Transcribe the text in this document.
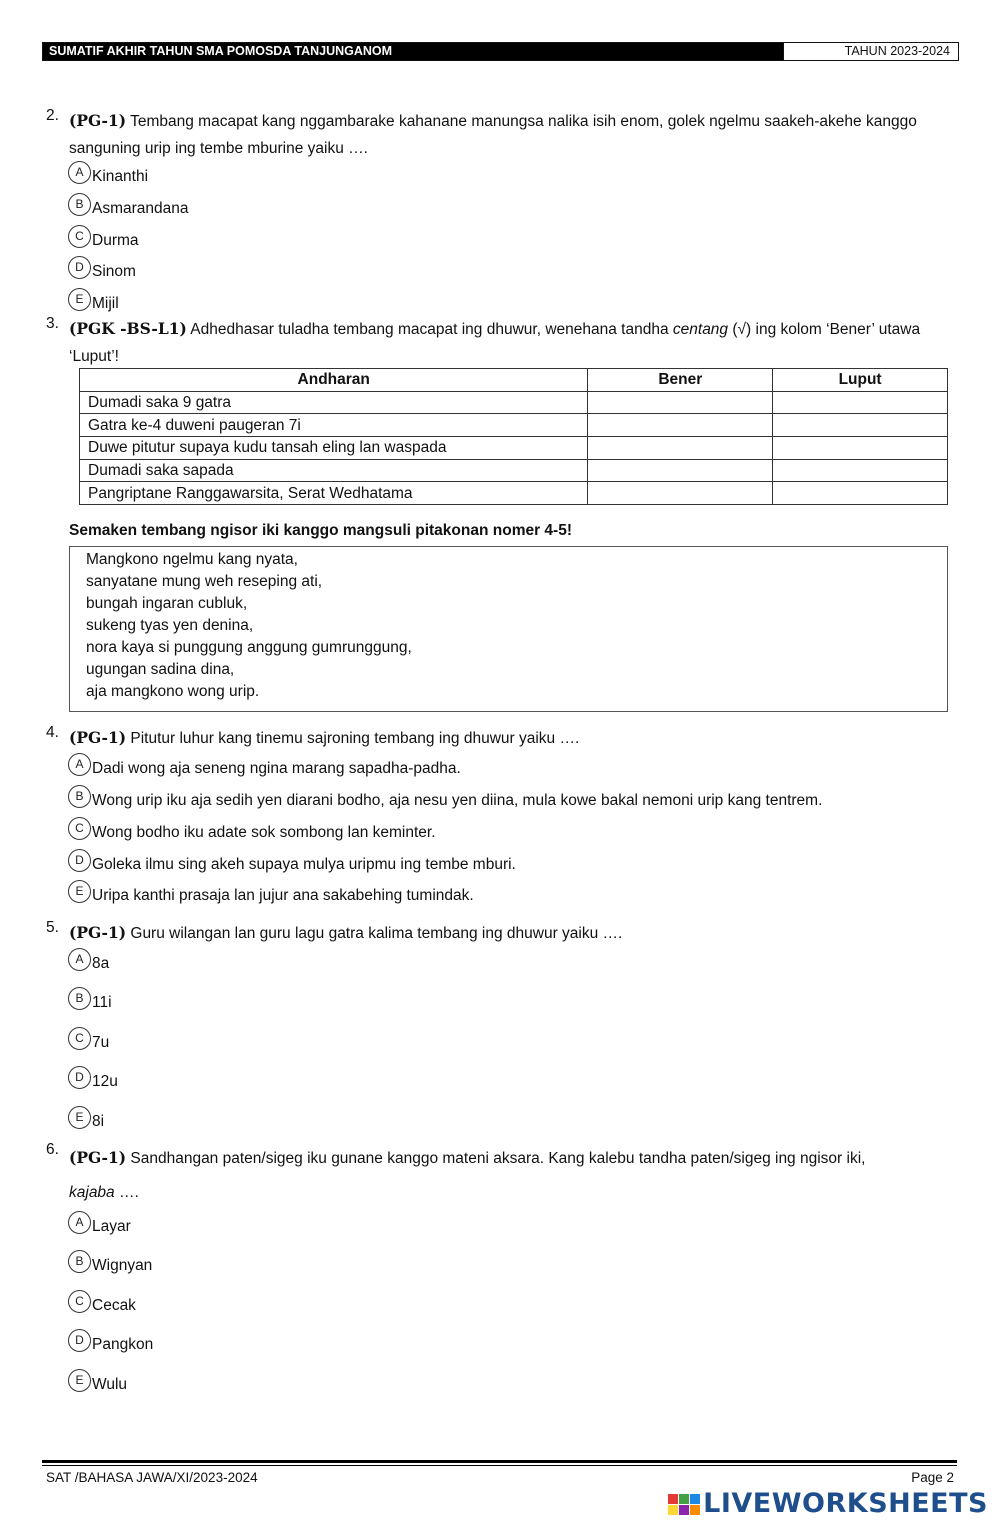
SUMATIF AKHIR TAHUN SMA POMOSDA TANJUNGANOM	TAHUN 2023-2024
2. (PG-1) Tembang macapat kang nggambarake kahanane manungsa nalika isih enom, golek ngelmu saakeh-akehe kanggo sanguning urip ing tembe mburine yaiku ….
A Kinanthi
B Asmarandana
C Durma
D Sinom
E Mijil
3. (PGK -BS-L1) Adhedhasar tuladha tembang macapat ing dhuwur, wenehana tandha centang (√) ing kolom ‘Bener’ utawa ‘Luput’!
Andharan	Bener	Luput
Dumadi saka 9 gatra		
Gatra ke-4 duweni paugeran 7i		
Duwe pitutur supaya kudu tansah eling lan waspada		
Dumadi saka sapada		
Pangriptane Ranggawarsita, Serat Wedhatama		
Semaken tembang ngisor iki kanggo mangsuli pitakonan nomer 4-5!
Mangkono ngelmu kang nyata,
sanyatane mung weh reseping ati,
bungah ingaran cubluk,
sukeng tyas yen denina,
nora kaya si punggung anggung gumrunggung,
ugungan sadina dina,
aja mangkono wong urip.
4. (PG-1) Pitutur luhur kang tinemu sajroning tembang ing dhuwur yaiku ….
A Dadi wong aja seneng ngina marang sapadha-padha.
B Wong urip iku aja sedih yen diarani bodho, aja nesu yen diina, mula kowe bakal nemoni urip kang tentrem.
C Wong bodho iku adate sok sombong lan keminter.
D Goleka ilmu sing akeh supaya mulya uripmu ing tembe mburi.
E Uripa kanthi prasaja lan jujur ana sakabehing tumindak.
5. (PG-1) Guru wilangan lan guru lagu gatra kalima tembang ing dhuwur yaiku ….
A 8a
B 11i
C 7u
D 12u
E 8i
6. (PG-1) Sandhangan paten/sigeg iku gunane kanggo mateni aksara. Kang kalebu tandha paten/sigeg ing ngisor iki,
kajaba ….
A Layar
B Wignyan
C Cecak
D Pangkon
E Wulu
SAT /BAHASA JAWA/XI/2023-2024	Page 2
LIVEWORKSHEETS
